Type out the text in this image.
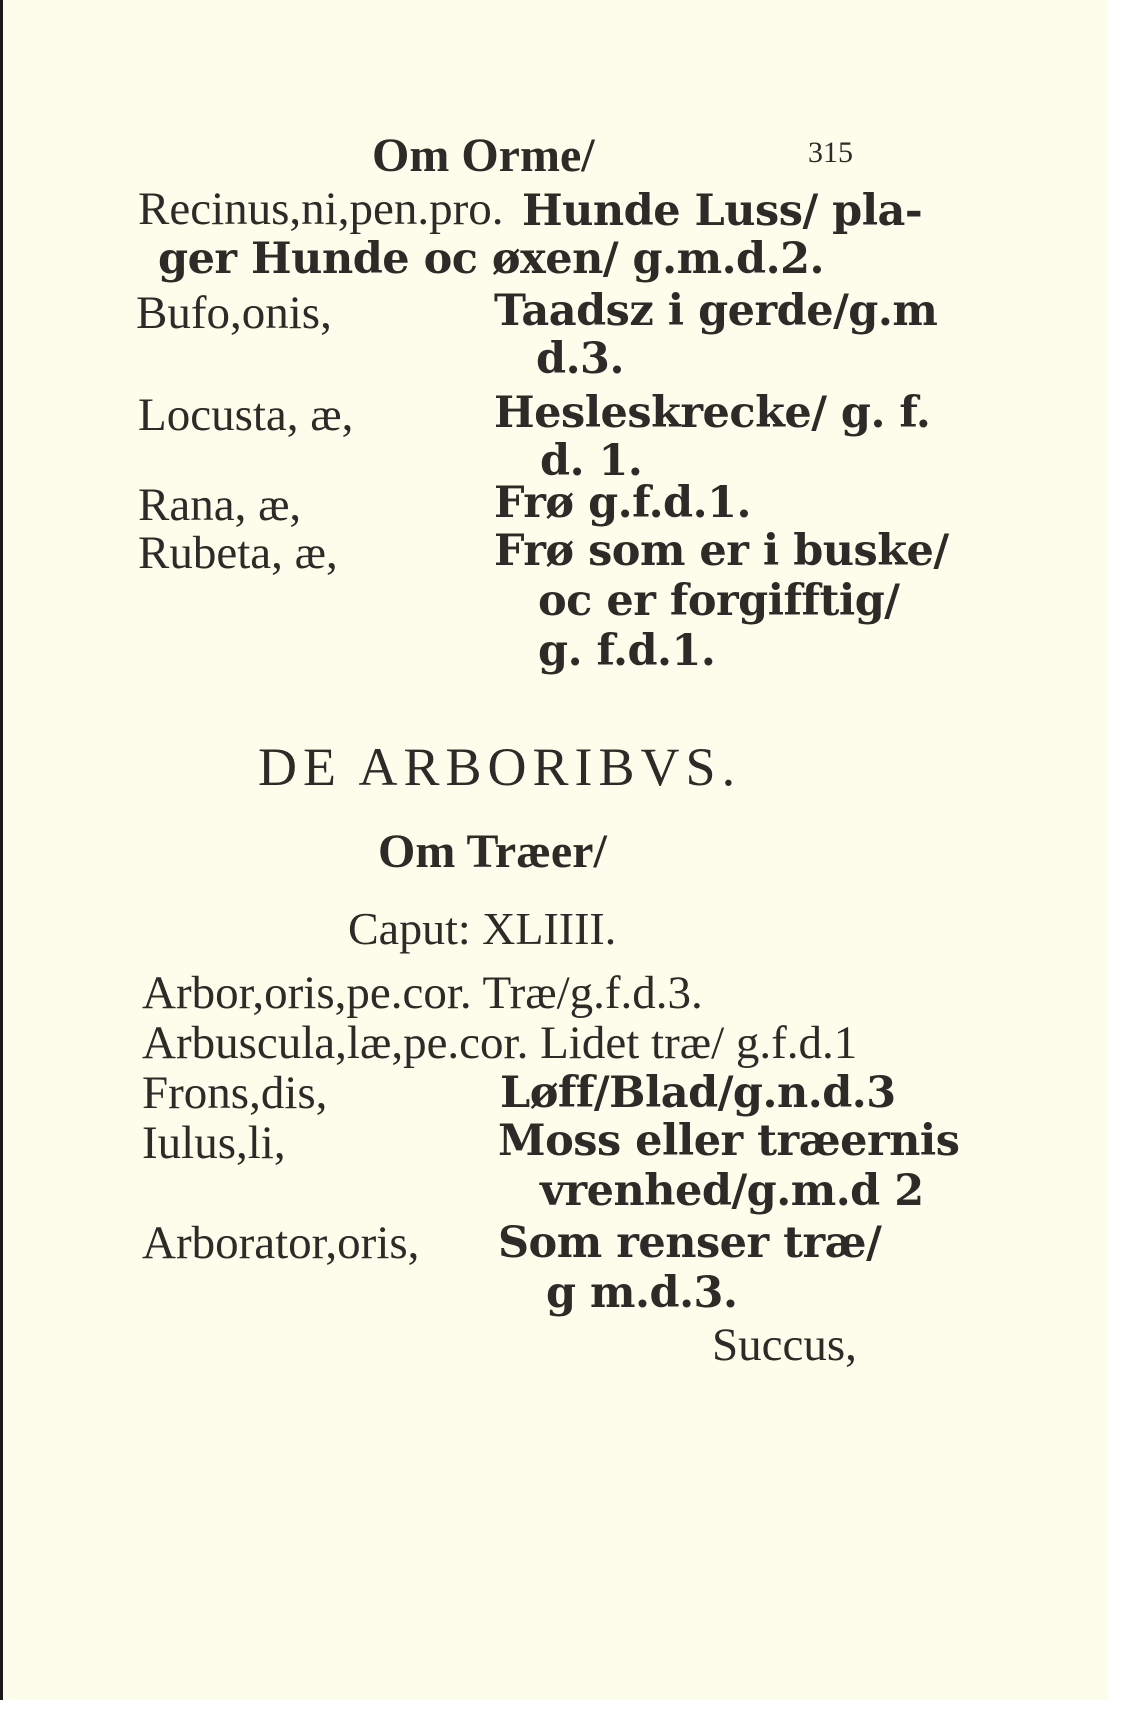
Om Orme/	315
Recinus,ni,pen.pro. Hunde Luss/ pla-
ger Hunde oc øxen/ g.m.d.2.
Bufo,onis,	Taadsz i gerde/g.m
d.3.
Locusta, æ,	Hesleskrecke/ g. f.
d. 1.
Rana, æ,	Frø g.f.d.1.
Rubeta, æ,	Frø som er i buske/
oc er forgifftig/
g. f.d.1.
DE ARBORIBVS.
Om Træer/
Caput: XLIIII.
Arbor,oris,pe.cor. Træ/g.f.d.3.
Arbuscula,læ,pe.cor. Lidet træ/ g.f.d.1
Frons,dis,	Løff/Blad/g.n.d.3
Iulus,li,	Moss eller træernis
vrenhed/g.m.d 2
Arborator,oris, Som renser træ/
g m.d.3.
Succus,
